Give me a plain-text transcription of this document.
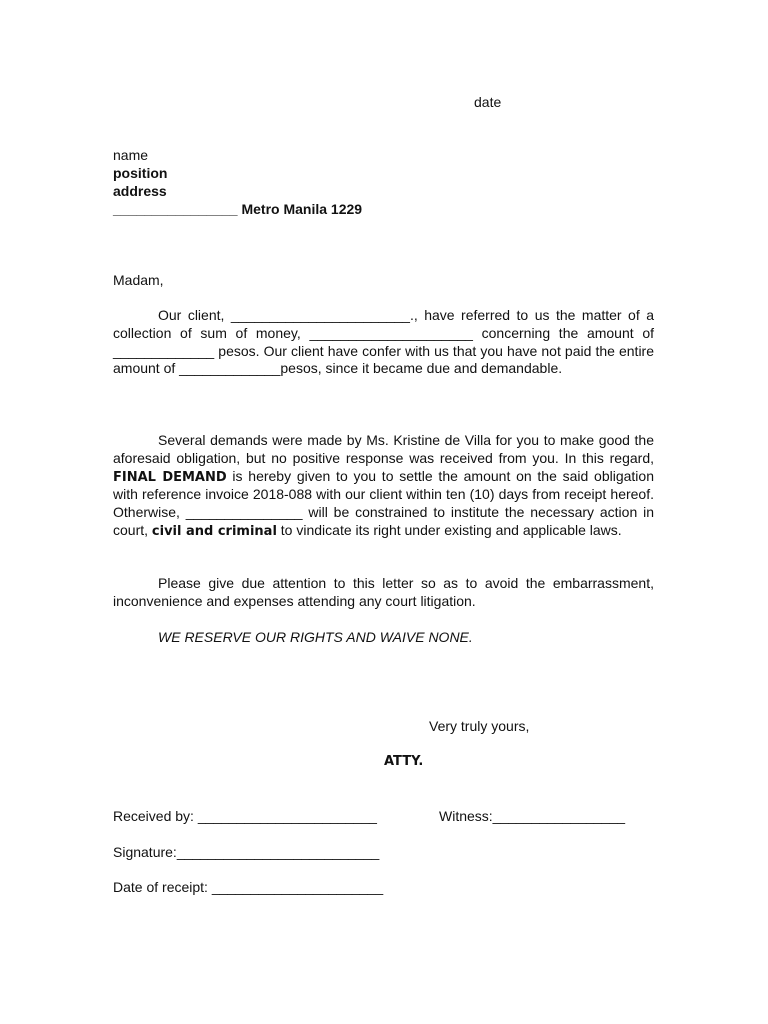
date
name
position
address
________________ Metro Manila 1229
Madam,
Our client, _______________________., have referred to us the matter of a collection of sum of money, _____________________ concerning the amount of _____________ pesos. Our client have confer with us that you have not paid the entire amount of _____________pesos, since it became due and demandable.
Several demands were made by Ms. Kristine de Villa for you to make good the aforesaid obligation, but no positive response was received from you. In this regard, FINAL DEMAND is hereby given to you to settle the amount on the said obligation with reference invoice 2018-088 with our client within ten (10) days from receipt hereof. Otherwise, _______________ will be constrained to institute the necessary action in court, civil and criminal to vindicate its right under existing and applicable laws.
Please give due attention to this letter so as to avoid the embarrassment, inconvenience and expenses attending any court litigation.
WE RESERVE OUR RIGHTS AND WAIVE NONE.
Very truly yours,
ATTY.
Received by: _______________________	Witness:_________________
Signature:__________________________
Date of receipt: ______________________
